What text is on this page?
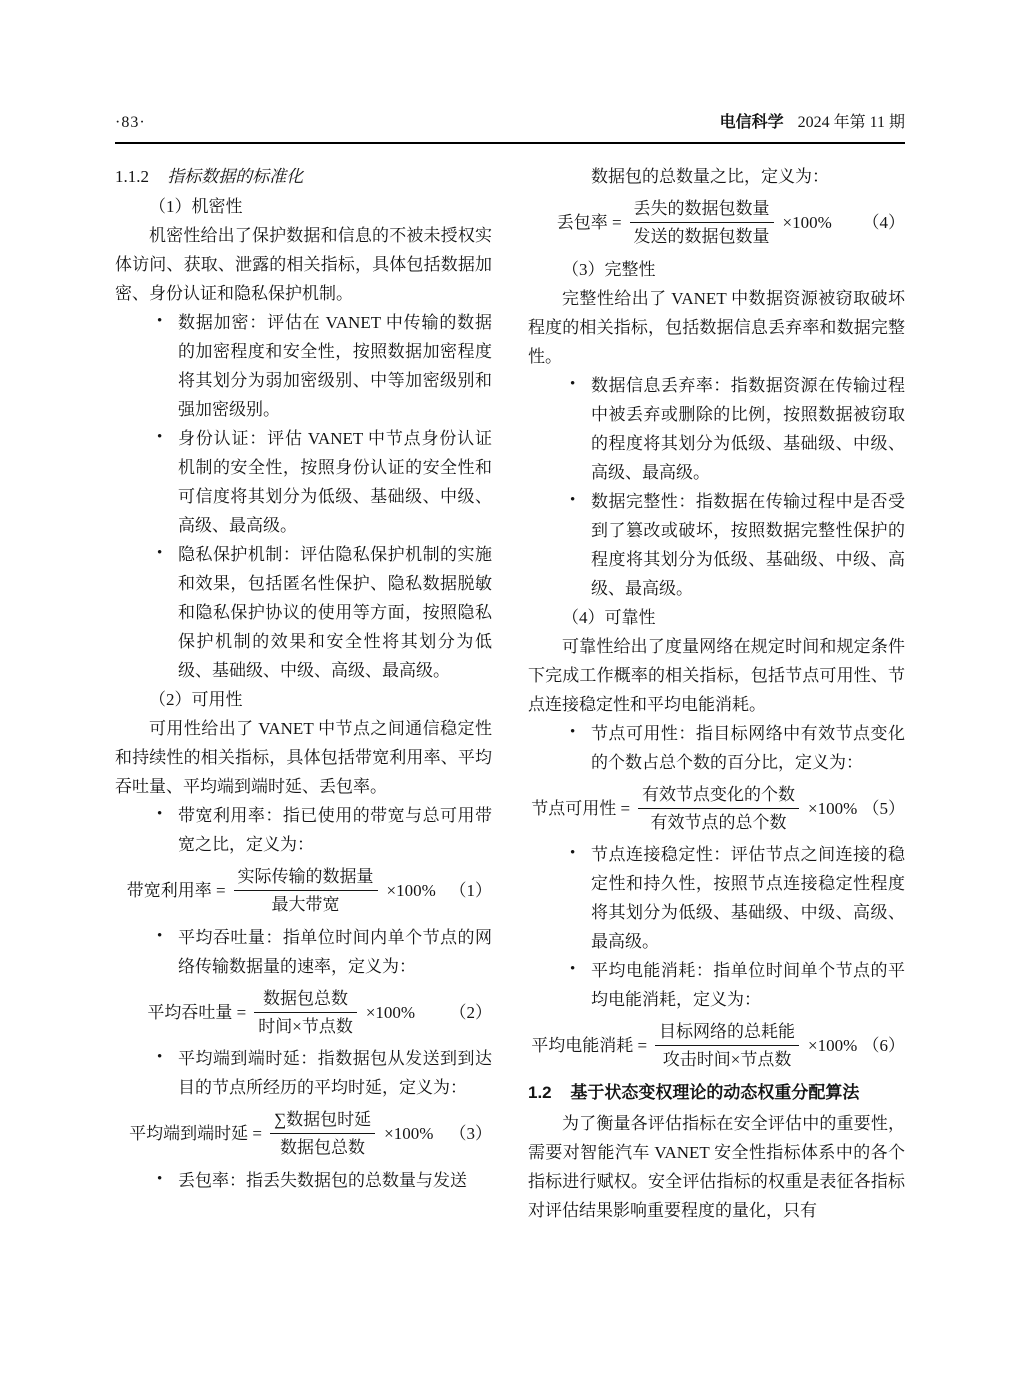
·83·	电信科学 2024 年第 11 期

1.1.2 指标数据的标准化

（1）机密性

机密性给出了保护数据和信息的不被未授权实体访问、获取、泄露的相关指标，具体包括数据加密、身份认证和隐私保护机制。

• 数据加密：评估在 VANET 中传输的数据的加密程度和安全性，按照数据加密程度将其划分为弱加密级别、中等加密级别和强加密级别。

• 身份认证：评估 VANET 中节点身份认证机制的安全性，按照身份认证的安全性和可信度将其划分为低级、基础级、中级、高级、最高级。

• 隐私保护机制：评估隐私保护机制的实施和效果，包括匿名性保护、隐私数据脱敏和隐私保护协议的使用等方面，按照隐私保护机制的效果和安全性将其划分为低级、基础级、中级、高级、最高级。

（2）可用性

可用性给出了 VANET 中节点之间通信稳定性和持续性的相关指标，具体包括带宽利用率、平均吞吐量、平均端到端时延、丢包率。

• 带宽利用率：指已使用的带宽与总可用带宽之比，定义为：

带宽利用率 = $\frac{\text{实际传输的数据量}}{\text{最大带宽}} \times 100\%$ （1）

• 平均吞吐量：指单位时间内单个节点的网络传输数据量的速率，定义为：

平均吞吐量 = $\frac{\text{数据包总数}}{\text{时间×节点数}} \times 100\%$ （2）

• 平均端到端时延：指数据包从发送到到达目的节点所经历的平均时延，定义为：

平均端到端时延 = $\frac{\text{∑数据包时延}}{\text{数据包总数}} \times 100\%$ （3）

• 丢包率：指丢失数据包的总数量与发送

数据包的总数量之比，定义为：

丢包率 = $\frac{\text{丢失的数据包数量}}{\text{发送的数据包数量}} \times 100\%$ （4）

（3）完整性

完整性给出了 VANET 中数据资源被窃取破坏程度的相关指标，包括数据信息丢弃率和数据完整性。

• 数据信息丢弃率：指数据资源在传输过程中被丢弃或删除的比例，按照数据被窃取的程度将其划分为低级、基础级、中级、高级、最高级。

• 数据完整性：指数据在传输过程中是否受到了篡改或破坏，按照数据完整性保护的程度将其划分为低级、基础级、中级、高级、最高级。

（4）可靠性

可靠性给出了度量网络在规定时间和规定条件下完成工作概率的相关指标，包括节点可用性、节点连接稳定性和平均电能消耗。

• 节点可用性：指目标网络中有效节点变化的个数占总个数的百分比，定义为：

节点可用性 = $\frac{\text{有效节点变化的个数}}{\text{有效节点的总个数}} \times 100\%$ （5）

• 节点连接稳定性：评估节点之间连接的稳定性和持久性，按照节点连接稳定性程度将其划分为低级、基础级、中级、高级、最高级。

• 平均电能消耗：指单位时间单个节点的平均电能消耗，定义为：

平均电能消耗 = $\frac{\text{目标网络的总耗能}}{\text{攻击时间×节点数}} \times 100\%$ （6）

1.2 基于状态变权理论的动态权重分配算法

为了衡量各评估指标在安全评估中的重要性，需要对智能汽车 VANET 安全性指标体系中的各个指标进行赋权。安全评估指标的权重是表征各指标对评估结果影响重要程度的量化，只有
